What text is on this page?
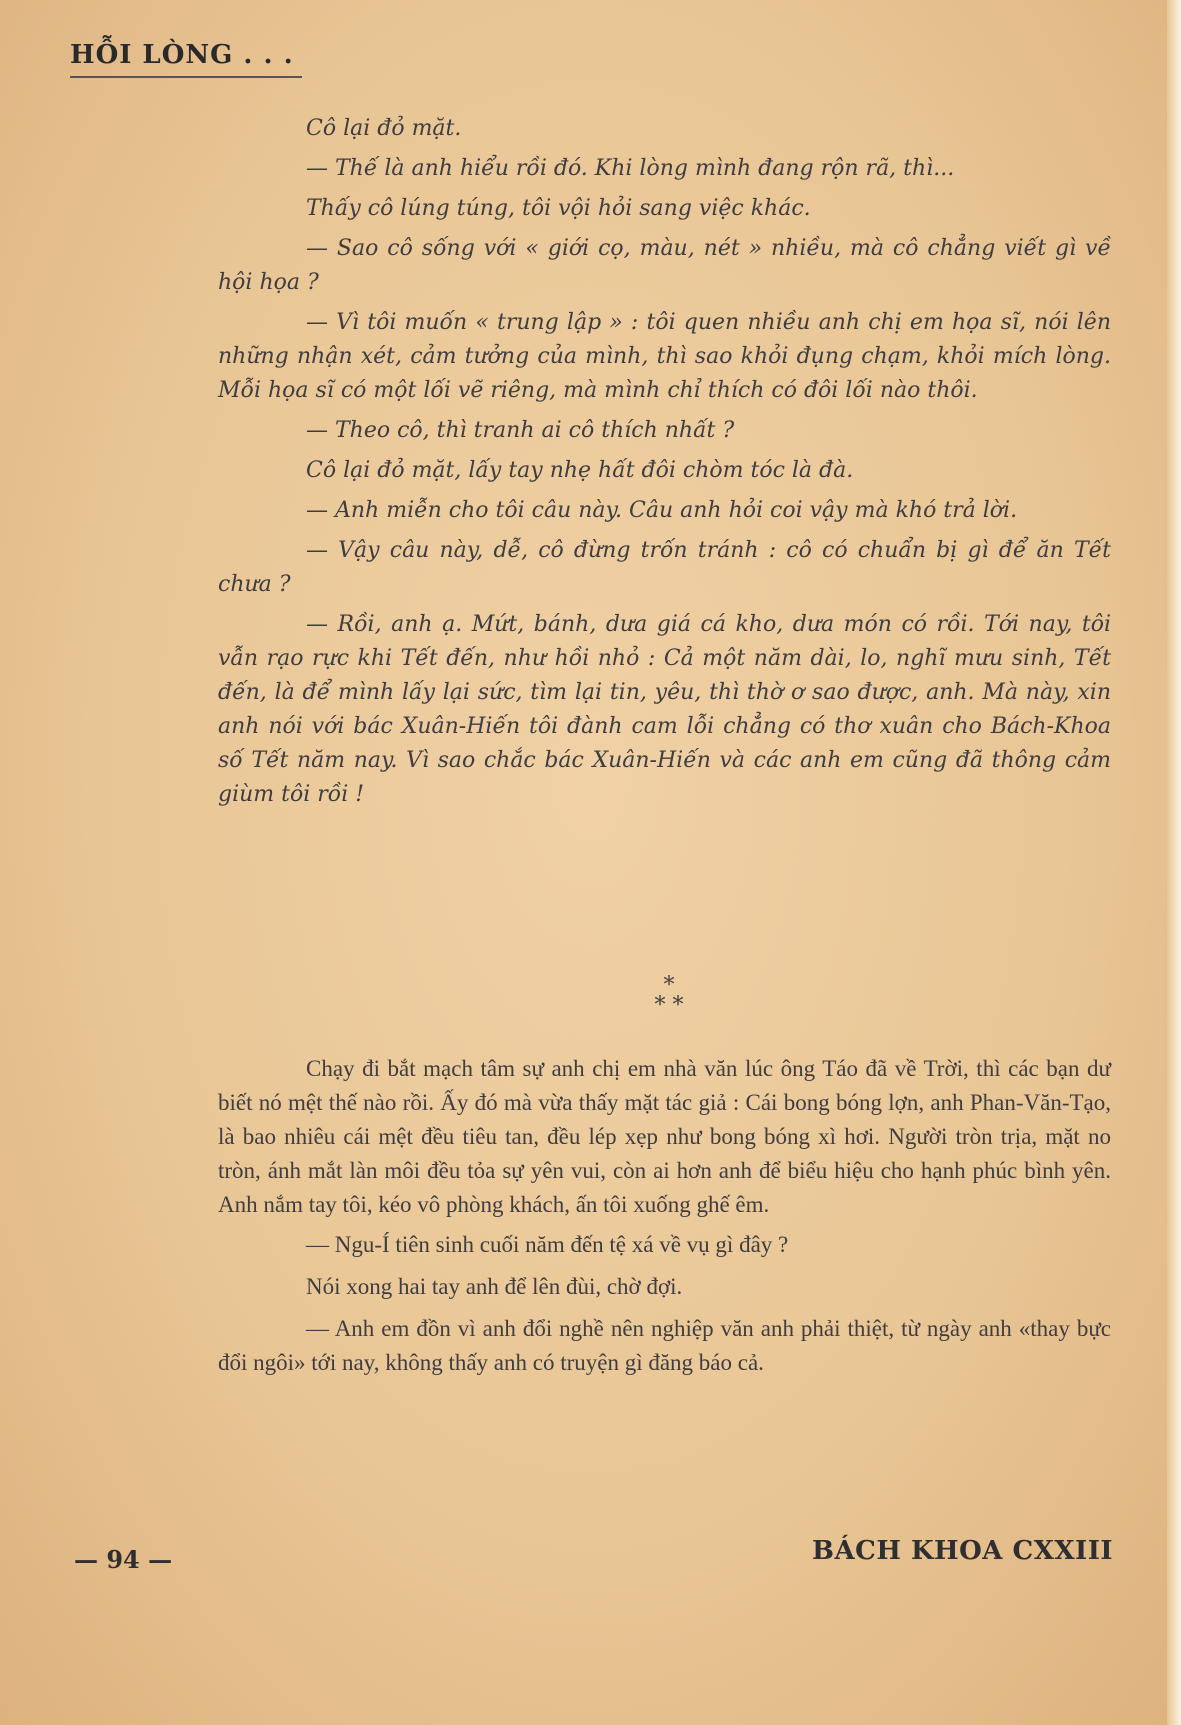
HỖI LÒNG . . .

Cô lại đỏ mặt.

— Thế là anh hiểu rồi đó. Khi lòng mình đang rộn rã, thì...

Thấy cô lúng túng, tôi vội hỏi sang việc khác.

— Sao cô sống với « giới cọ, màu, nét » nhiều, mà cô chẳng viết gì về hội họa ?

— Vì tôi muốn « trung lập » : tôi quen nhiều anh chị em họa sĩ, nói lên những nhận xét, cảm tưởng của mình, thì sao khỏi đụng chạm, khỏi mích lòng. Mỗi họa sĩ có một lối vẽ riêng, mà mình chỉ thích có đôi lối nào thôi.

— Theo cô, thì tranh ai cô thích nhất ?

Cô lại đỏ mặt, lấy tay nhẹ hất đôi chòm tóc là đà.

— Anh miễn cho tôi câu này. Câu anh hỏi coi vậy mà khó trả lời.

— Vậy câu này, dễ, cô đừng trốn tránh : cô có chuẩn bị gì để ăn Tết chưa ?

— Rồi, anh ạ. Mứt, bánh, dưa giá cá kho, dưa món có rồi. Tới nay, tôi vẫn rạo rực khi Tết đến, như hồi nhỏ : Cả một năm dài, lo, nghĩ mưu sinh, Tết đến, là để mình lấy lại sức, tìm lại tin, yêu, thì thờ ơ sao được, anh. Mà này, xin anh nói với bác Xuân-Hiến tôi đành cam lỗi chẳng có thơ xuân cho Bách-Khoa số Tết năm nay. Vì sao chắc bác Xuân-Hiến và các anh em cũng đã thông cảm giùm tôi rồi !

*
* *

Chạy đi bắt mạch tâm sự anh chị em nhà văn lúc ông Táo đã về Trời, thì các bạn dư biết nó mệt thế nào rồi. Ấy đó mà vừa thấy mặt tác giả : Cái bong bóng lợn, anh Phan-Văn-Tạo, là bao nhiêu cái mệt đều tiêu tan, đều lép xẹp như bong bóng xì hơi. Người tròn trịa, mặt no tròn, ánh mắt làn môi đều tỏa sự yên vui, còn ai hơn anh để biểu hiệu cho hạnh phúc bình yên. Anh nắm tay tôi, kéo vô phòng khách, ấn tôi xuống ghế êm.

— Ngu-Í tiên sinh cuối năm đến tệ xá về vụ gì đây ?

Nói xong hai tay anh để lên đùi, chờ đợi.

— Anh em đồn vì anh đổi nghề nên nghiệp văn anh phải thiệt, từ ngày anh «thay bực đổi ngôi» tới nay, không thấy anh có truyện gì đăng báo cả.

— 94 —	BÁCH KHOA CXXIII
